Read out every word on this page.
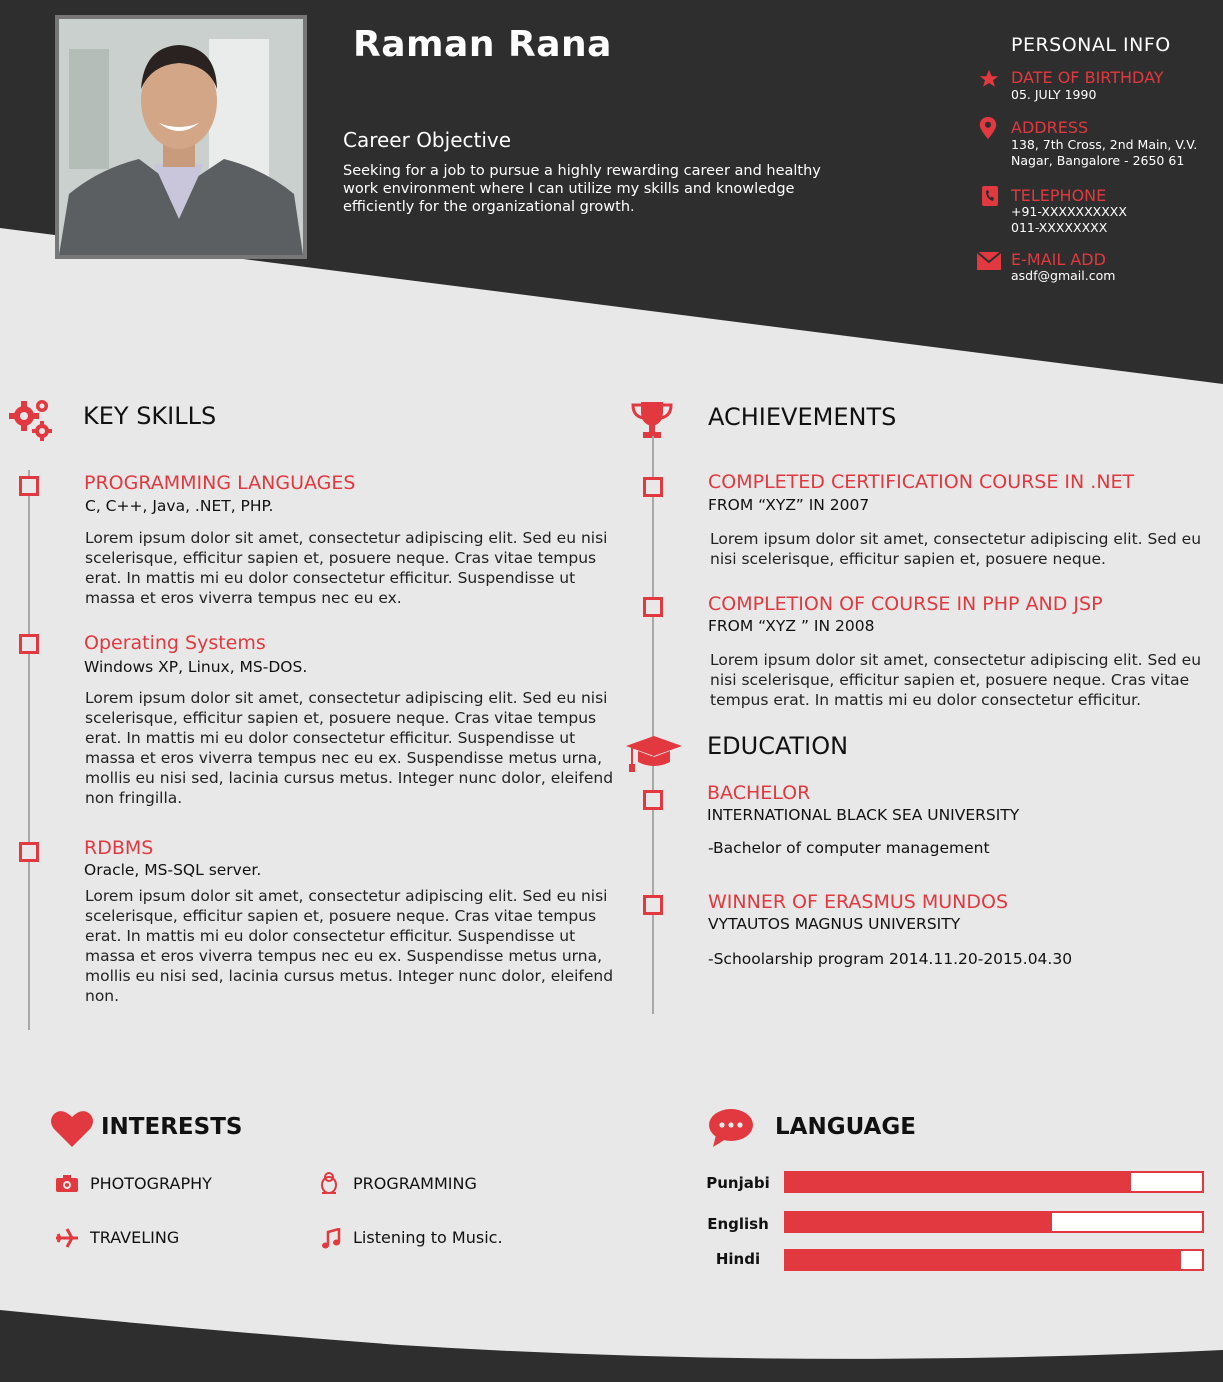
Raman Rana
Career Objective
Seeking for a job to pursue a highly rewarding career and healthy work environment where I can utilize my skills and knowledge efficiently for the organizational growth.
PERSONAL INFO
DATE OF BIRTHDAY
05. JULY 1990
ADDRESS
138, 7th Cross, 2nd Main, V.V.
Nagar, Bangalore - 2650 61
TELEPHONE
+91-XXXXXXXXXX
011-XXXXXXXX
E-MAIL ADD
asdf@gmail.com
KEY SKILLS
PROGRAMMING LANGUAGES
C, C++, Java, .NET, PHP.
Lorem ipsum dolor sit amet, consectetur adipiscing elit. Sed eu nisi scelerisque, efficitur sapien et, posuere neque. Cras vitae tempus erat. In mattis mi eu dolor consectetur efficitur. Suspendisse ut massa et eros viverra tempus nec eu ex.
Operating Systems
Windows XP, Linux, MS-DOS.
Lorem ipsum dolor sit amet, consectetur adipiscing elit. Sed eu nisi scelerisque, efficitur sapien et, posuere neque. Cras vitae tempus erat. In mattis mi eu dolor consectetur efficitur. Suspendisse ut massa et eros viverra tempus nec eu ex. Suspendisse metus urna, mollis eu nisi sed, lacinia cursus metus. Integer nunc dolor, eleifend non fringilla.
RDBMS
Oracle, MS-SQL server.
Lorem ipsum dolor sit amet, consectetur adipiscing elit. Sed eu nisi scelerisque, efficitur sapien et, posuere neque. Cras vitae tempus erat. In mattis mi eu dolor consectetur efficitur. Suspendisse ut massa et eros viverra tempus nec eu ex. Suspendisse metus urna, mollis eu nisi sed, lacinia cursus metus. Integer nunc dolor, eleifend non.
ACHIEVEMENTS
COMPLETED CERTIFICATION COURSE IN .NET
FROM “XYZ” IN 2007
Lorem ipsum dolor sit amet, consectetur adipiscing elit. Sed eu nisi scelerisque, efficitur sapien et, posuere neque.
COMPLETION OF COURSE IN PHP AND JSP
FROM “XYZ ” IN 2008
Lorem ipsum dolor sit amet, consectetur adipiscing elit. Sed eu nisi scelerisque, efficitur sapien et, posuere neque. Cras vitae tempus erat. In mattis mi eu dolor consectetur efficitur.
EDUCATION
BACHELOR
INTERNATIONAL BLACK SEA UNIVERSITY
-Bachelor of computer management
WINNER OF ERASMUS MUNDOS
VYTAUTOS MAGNUS UNIVERSITY
-Schoolarship program 2014.11.20-2015.04.30
INTERESTS
PHOTOGRAPHY	PROGRAMMING
TRAVELING	Listening to Music.
LANGUAGE
Punjabi
English
Hindi
